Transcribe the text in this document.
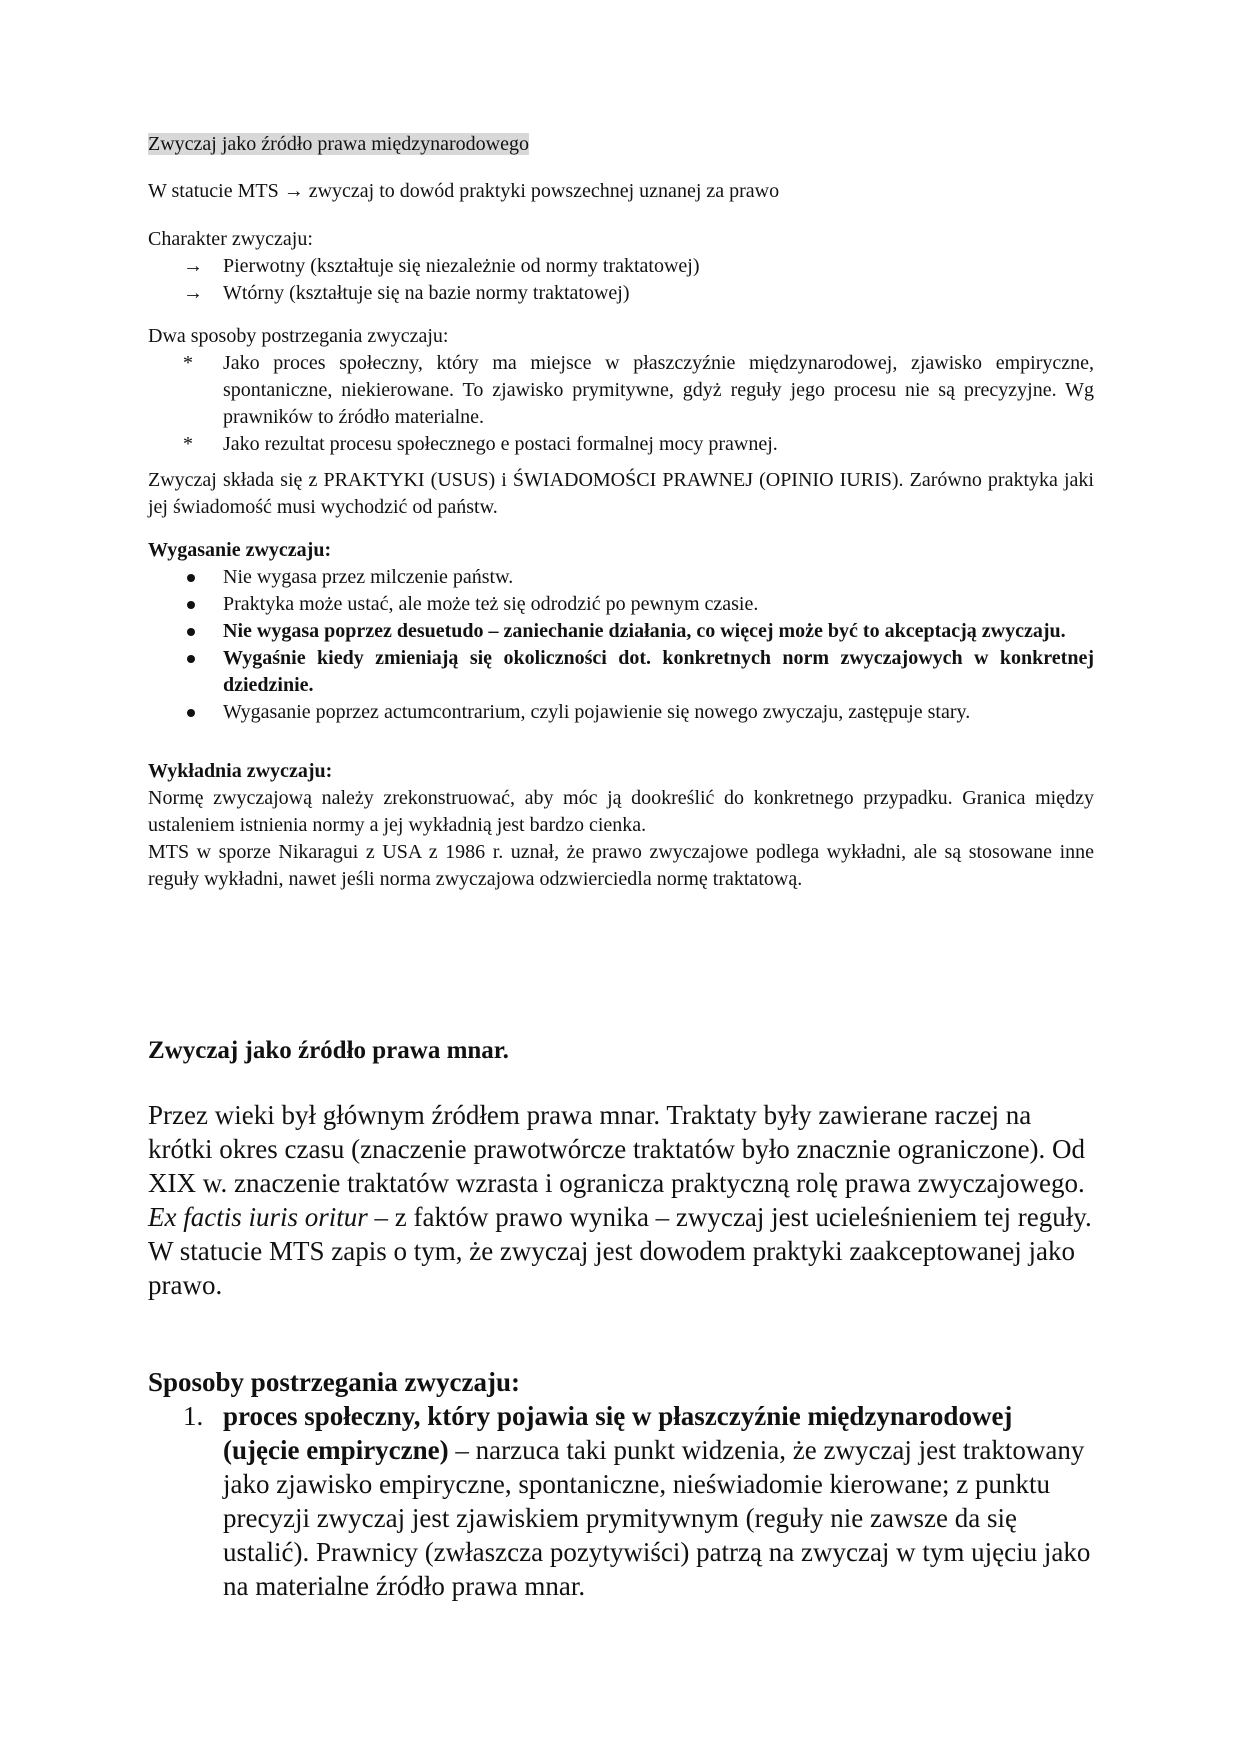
Zwyczaj jako źródło prawa międzynarodowego
W statucie MTS → zwyczaj to dowód praktyki powszechnej uznanej za prawo
Charakter zwyczaju:
→	Pierwotny (kształtuje się niezależnie od normy traktatowej)
→	Wtórny (kształtuje się na bazie normy traktatowej)
Dwa sposoby postrzegania zwyczaju:
*	Jako proces społeczny, który ma miejsce w płaszczyźnie międzynarodowej, zjawisko empiryczne, spontaniczne, niekierowane. To zjawisko prymitywne, gdyż reguły jego procesu nie są precyzyjne. Wg prawników to źródło materialne.
*	Jako rezultat procesu społecznego e postaci formalnej mocy prawnej.
Zwyczaj składa się z PRAKTYKI (USUS) i ŚWIADOMOŚCI PRAWNEJ (OPINIO IURIS). Zarówno praktyka jaki jej świadomość musi wychodzić od państw.
Wygasanie zwyczaju:
Nie wygasa przez milczenie państw.
Praktyka może ustać, ale może też się odrodzić po pewnym czasie.
Nie wygasa poprzez desuetudo – zaniechanie działania, co więcej może być to akceptacją zwyczaju.
Wygaśnie kiedy zmieniają się okoliczności dot. konkretnych norm zwyczajowych w konkretnej dziedzinie.
Wygasanie poprzez actumcontrarium, czyli pojawienie się nowego zwyczaju, zastępuje stary.
Wykładnia zwyczaju:
Normę zwyczajową należy zrekonstruować, aby móc ją dookreślić do konkretnego przypadku. Granica między ustaleniem istnienia normy a jej wykładnią jest bardzo cienka.
MTS w sporze Nikaragui z USA z 1986 r. uznał, że prawo zwyczajowe podlega wykładni, ale są stosowane inne reguły wykładni, nawet jeśli norma zwyczajowa odzwierciedla normę traktatową.
Zwyczaj jako źródło prawa mnar.
Przez wieki był głównym źródłem prawa mnar. Traktaty były zawierane raczej na krótki okres czasu (znaczenie prawotwórcze traktatów było znacznie ograniczone). Od XIX w. znaczenie traktatów wzrasta i ogranicza praktyczną rolę prawa zwyczajowego.
Ex factis iuris oritur – z faktów prawo wynika – zwyczaj jest ucieleśnieniem tej reguły. W statucie MTS zapis o tym, że zwyczaj jest dowodem praktyki zaakceptowanej jako prawo.
Sposoby postrzegania zwyczaju:
1. proces społeczny, który pojawia się w płaszczyźnie międzynarodowej (ujęcie empiryczne) – narzuca taki punkt widzenia, że zwyczaj jest traktowany jako zjawisko empiryczne, spontaniczne, nieświadomie kierowane; z punktu precyzji zwyczaj jest zjawiskiem prymitywnym (reguły nie zawsze da się ustalić). Prawnicy (zwłaszcza pozytywiści) patrzą na zwyczaj w tym ujęciu jako na materialne źródło prawa mnar.
